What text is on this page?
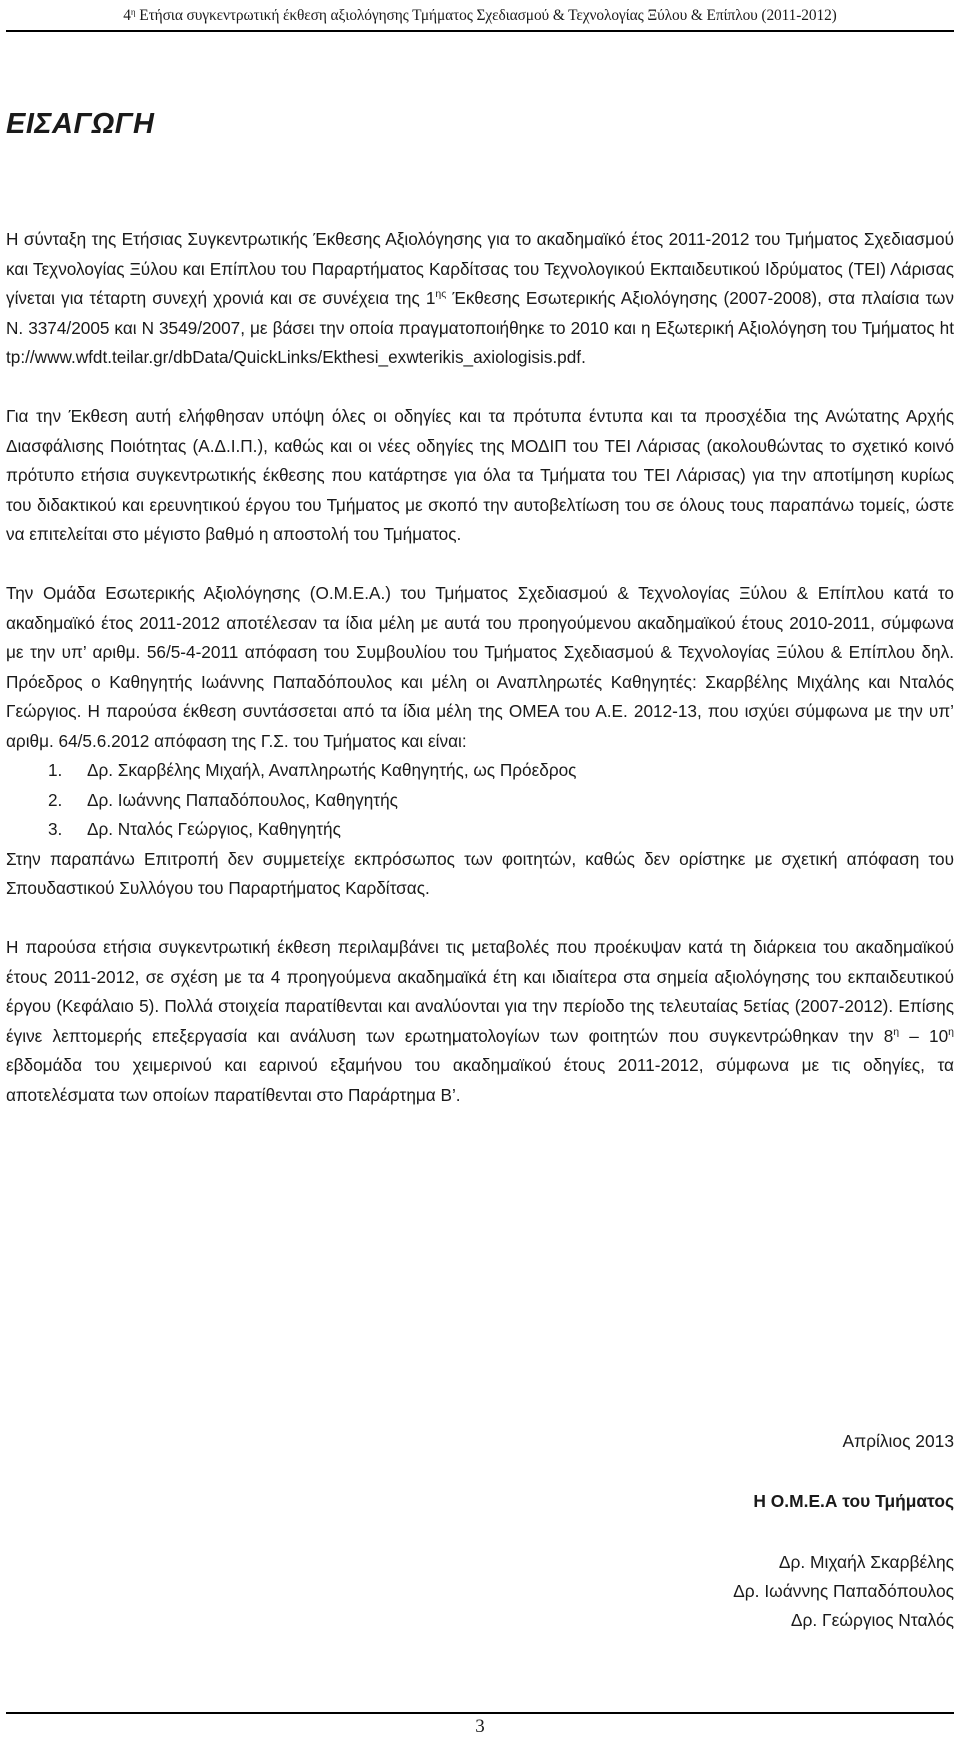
$4^\eta$ Ετήσια συγκεντρωτική έκθεση αξιολόγησης Τμήματος Σχεδιασμού & Τεχνολογίας Ξύλου & Επίπλου (2011-2012)
ΕΙΣΑΓΩΓΗ

Η σύνταξη της Ετήσιας Συγκεντρωτικής Έκθεσης Αξιολόγησης για το ακαδημαϊκό έτος 2011-2012 του Τμήματος Σχεδιασμού και Τεχνολογίας Ξύλου και Επίπλου του Παραρτήματος Καρδίτσας του Τεχνολογικού Εκπαιδευτικού Ιδρύματος (ΤΕΙ) Λάρισας γίνεται για τέταρτη συνεχή χρονιά και σε συνέχεια της $1^{\eta\varsigma}$ Έκθεσης Εσωτερικής Αξιολόγησης (2007-2008), στα πλαίσια των Ν. 3374/2005 και Ν 3549/2007, με βάσει την οποία πραγματοποιήθηκε το 2010 και η Εξωτερική Αξιολόγηση του Τμήματος http://www.wfdt.teilar.gr/dbData/QuickLinks/Ekthesi_exwterikis_axiologisis.pdf.

Για την Έκθεση αυτή ελήφθησαν υπόψη όλες οι οδηγίες και τα πρότυπα έντυπα και τα προσχέδια της Ανώτατης Αρχής Διασφάλισης Ποιότητας (Α.Δ.Ι.Π.), καθώς και οι νέες οδηγίες της ΜΟΔΙΠ του ΤΕΙ Λάρισας (ακολουθώντας το σχετικό κοινό πρότυπο ετήσια συγκεντρωτικής έκθεσης που κατάρτησε για όλα τα Τμήματα του ΤΕΙ Λάρισας) για την αποτίμηση κυρίως του διδακτικού και ερευνητικού έργου του Τμήματος με σκοπό την αυτοβελτίωση του σε όλους τους παραπάνω τομείς, ώστε να επιτελείται στο μέγιστο βαθμό η αποστολή του Τμήματος.

Την Ομάδα Εσωτερικής Αξιολόγησης (Ο.Μ.Ε.Α.) του Τμήματος Σχεδιασμού & Τεχνολογίας Ξύλου & Επίπλου κατά το ακαδημαϊκό έτος 2011-2012 αποτέλεσαν τα ίδια μέλη με αυτά του προηγούμενου ακαδημαϊκού έτους 2010-2011, σύμφωνα με την υπ’ αριθμ. 56/5-4-2011 απόφαση του Συμβουλίου του Τμήματος Σχεδιασμού & Τεχνολογίας Ξύλου & Επίπλου δηλ. Πρόεδρος ο Καθηγητής Ιωάννης Παπαδόπουλος και μέλη οι Αναπληρωτές Καθηγητές: Σκαρβέλης Μιχάλης και Νταλός Γεώργιος. Η παρούσα έκθεση συντάσσεται από τα ίδια μέλη της ΟΜΕΑ του Α.Ε. 2012-13, που ισχύει σύμφωνα με την υπ’ αριθμ. 64/5.6.2012 απόφαση της Γ.Σ. του Τμήματος και είναι:

1. Δρ. Σκαρβέλης Μιχαήλ, Αναπληρωτής Καθηγητής, ως Πρόεδρος
2. Δρ. Ιωάννης Παπαδόπουλος, Καθηγητής
3. Δρ. Νταλός Γεώργιος, Καθηγητής

Στην παραπάνω Επιτροπή δεν συμμετείχε εκπρόσωπος των φοιτητών, καθώς δεν ορίστηκε με σχετική απόφαση του Σπουδαστικού Συλλόγου του Παραρτήματος Καρδίτσας.

Η παρούσα ετήσια συγκεντρωτική έκθεση περιλαμβάνει τις μεταβολές που προέκυψαν κατά τη διάρκεια του ακαδημαϊκού έτους 2011-2012, σε σχέση με τα 4 προηγούμενα ακαδημαϊκά έτη και ιδιαίτερα στα σημεία αξιολόγησης του εκπαιδευτικού έργου (Κεφάλαιο 5). Πολλά στοιχεία παρατίθενται και αναλύονται για την περίοδο της τελευταίας 5ετίας (2007-2012). Επίσης έγινε λεπτομερής επεξεργασία και ανάλυση των ερωτηματολογίων των φοιτητών που συγκεντρώθηκαν την $8^\eta - 10^\eta$ εβδομάδα του χειμερινού και εαρινού εξαμήνου του ακαδημαϊκού έτους 2011-2012, σύμφωνα με τις οδηγίες, τα αποτελέσματα των οποίων παρατίθενται στο Παράρτημα Β’.

Απρίλιος 2013
Η Ο.Μ.Ε.Α του Τμήματος
Δρ. Μιχαήλ Σκαρβέλης
Δρ. Ιωάννης Παπαδόπουλος
Δρ. Γεώργιος Νταλός
3
